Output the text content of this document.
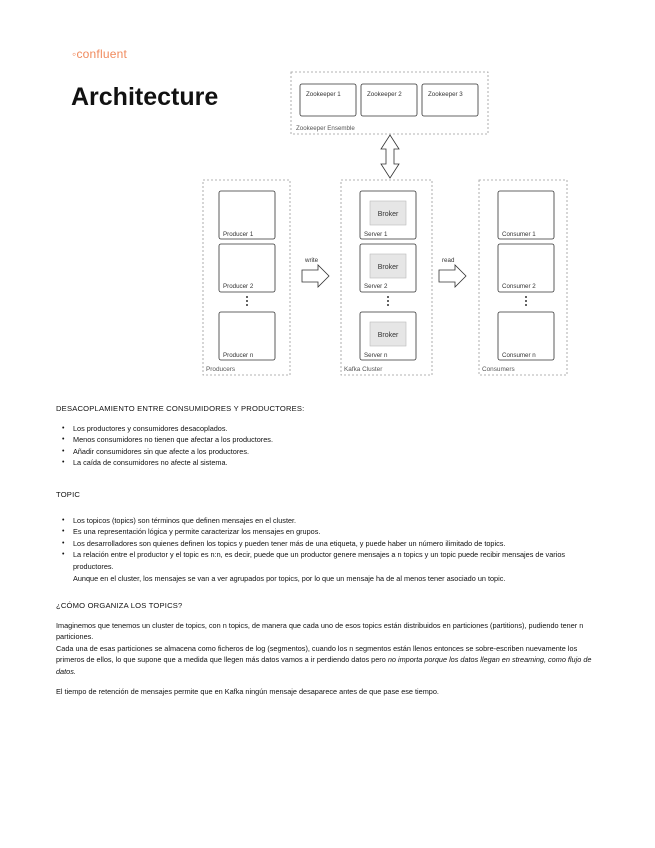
◦confluent
Architecture	Zookeeper 1	Zookeeper 2	Zookeeper 3
Zookeeper Ensemble
Producer 1
Producer 2
Producer n
Producers
write
Broker
Broker
Broker
Server 1
Server 2
Server n
Kafka Cluster
read
Consumer 1
Consumer 2
Consumer n
Consumers
DESACOPLAMIENTO ENTRE CONSUMIDORES Y PRODUCTORES:
• Los productores y consumidores desacoplados.
• Menos consumidores no tienen que afectar a los productores.
• Añadir consumidores sin que afecte a los productores.
• La caída de consumidores no afecte al sistema.
TOPIC
• Los topicos (topics) son términos que definen mensajes en el cluster.
• Es una representación lógica y permite caracterizar los mensajes en grupos.
• Los desarrolladores son quienes definen los topics y pueden tener más de una etiqueta, y puede haber un número ilimitado de topics.
• La relación entre el productor y el topic es n:n, es decir, puede que un productor genere mensajes a n topics y un topic puede recibir mensajes de varios productores.
Aunque en el cluster, los mensajes se van a ver agrupados por topics, por lo que un mensaje ha de al menos tener asociado un topic.
¿CÓMO ORGANIZA LOS TOPICS?

Imaginemos que tenemos un cluster de topics, con n topics, de manera que cada uno de esos topics están distribuidos en particiones (partitions), pudiendo tener n particiones.

Cada una de esas particiones se almacena como ficheros de log (segmentos), cuando los n segmentos están llenos entonces se sobre-escriben nuevamente los primeros de ellos, lo que supone que a medida que llegen más datos vamos a ir perdiendo datos pero no importa porque los datos llegan en streaming, como flujo de datos.

El tiempo de retención de mensajes permite que en Kafka ningún mensaje desaparece antes de que pase ese tiempo.
